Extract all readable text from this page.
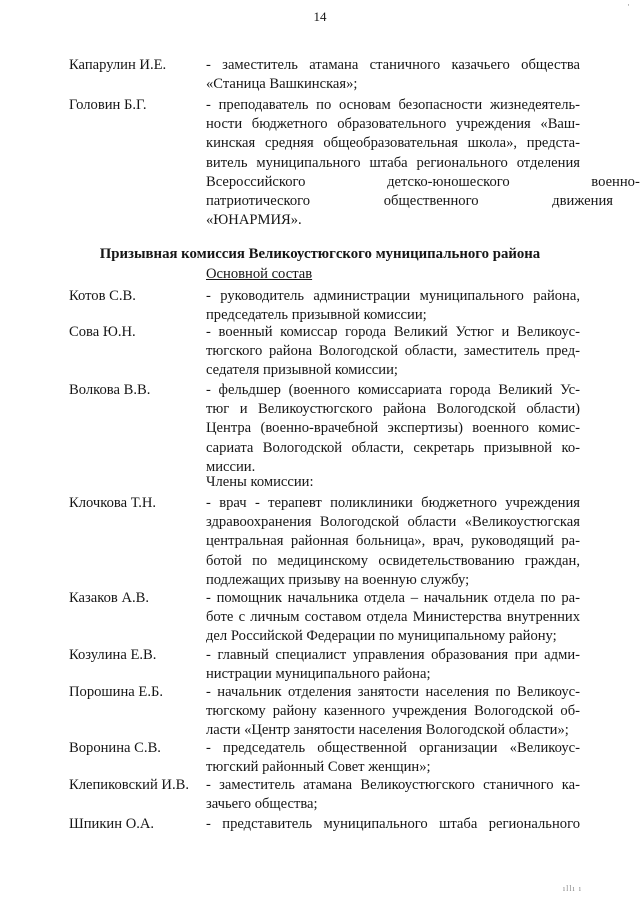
14
·
Капарулин И.Е.	- заместитель атамана станичного казачьего общества
«Станица Вашкинская»;
Головин Б.Г.	- преподаватель по основам безопасности жизнедеятель-
ности бюджетного образовательного учреждения «Ваш-
кинская средняя общеобразовательная школа», предста-
витель муниципального штаба регионального отделения
Всероссийского детско-юношеского военно-
патриотического общественного движения
«ЮНАРМИЯ».
Призывная комиссия Великоустюгского муниципального района
Основной состав
Котов С.В.	- руководитель администрации муниципального района,
председатель призывной комиссии;
Сова Ю.Н.	- военный комиссар города Великий Устюг и Великоус-
тюгского района Вологодской области, заместитель пред-
седателя призывной комиссии;
Волкова В.В.	- фельдшер (военного комиссариата города Великий Ус-
тюг и Великоустюгского района Вологодской области)
Центра (военно-врачебной экспертизы) военного комис-
сариата Вологодской области, секретарь призывной ко-
миссии.
Члены комиссии:
Клочкова Т.Н.	- врач - терапевт поликлиники бюджетного учреждения
здравоохранения Вологодской области «Великоустюгская
центральная районная больница», врач, руководящий ра-
ботой по медицинскому освидетельствованию граждан,
подлежащих призыву на военную службу;
Казаков А.В.	- помощник начальника отдела – начальник отдела по ра-
боте с личным составом отдела Министерства внутренних
дел Российской Федерации по муниципальному району;
Козулина Е.В.	- главный специалист управления образования при адми-
нистрации муниципального района;
Порошина Е.Б.	- начальник отделения занятости населения по Великоус-
тюгскому району казенного учреждения Вологодской об-
ласти «Центр занятости населения Вологодской области»;
Воронина С.В.	- председатель общественной организации «Великоус-
тюгский районный Совет женщин»;
Клепиковский И.В. - заместитель атамана Великоустюгского станичного ка-
зачьего общества;
Шпикин О.А.	- представитель муниципального штаба регионального
ıllı ı
